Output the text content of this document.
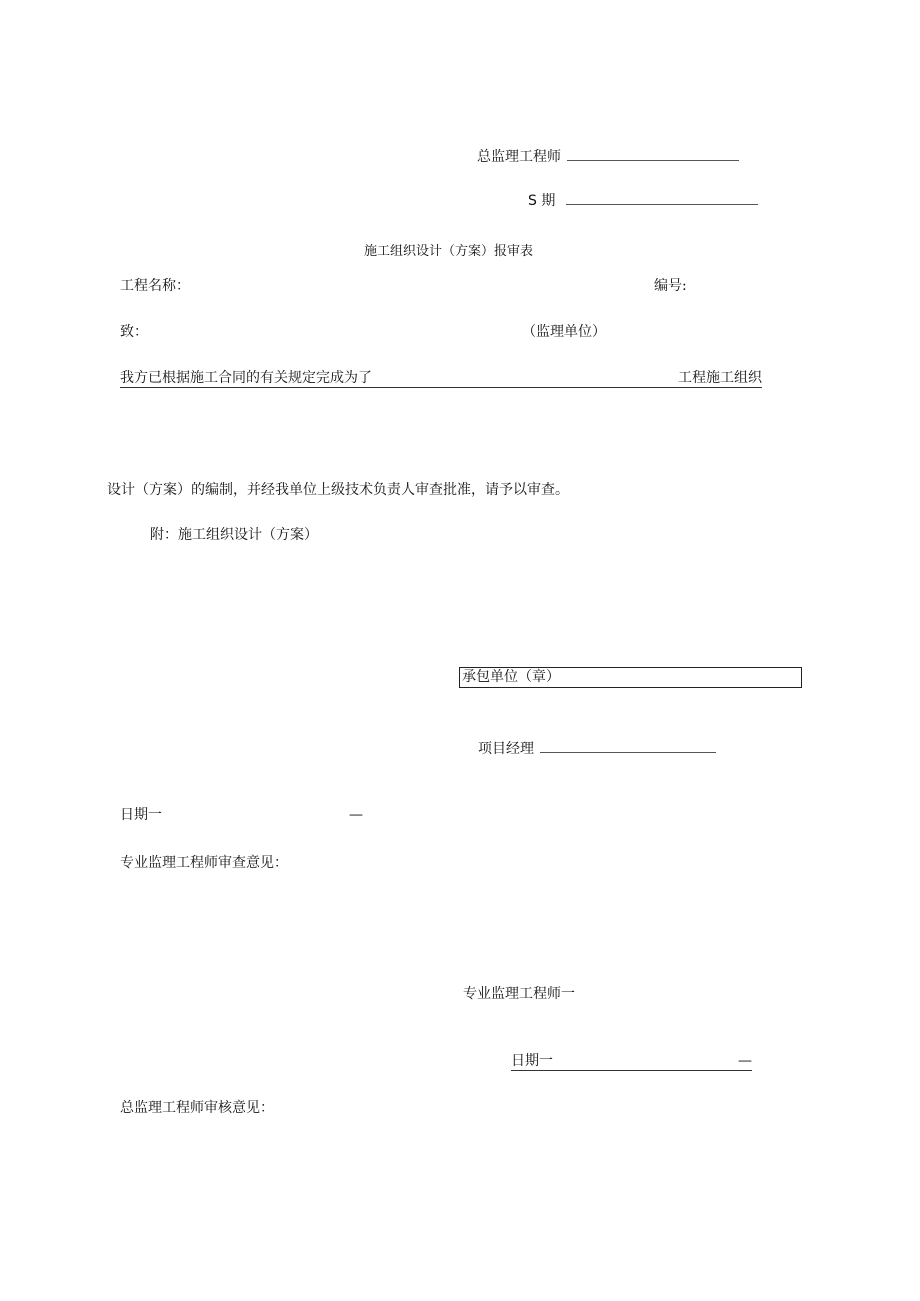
总监理工程师
S 期
施工组织设计（方案）报审表
工程名称：	编号:
致：	（监理单位）
我方已根据施工合同的有关规定完成为了	工程施工组织
设计（方案）的编制，并经我单位上级技术负责人审查批准，请予以审查。
附：施工组织设计（方案）
承包单位（章）
项目经理
日期一	—
专业监理工程师审查意见：
专业监理工程师一
日期一	—
总监理工程师审核意见：
